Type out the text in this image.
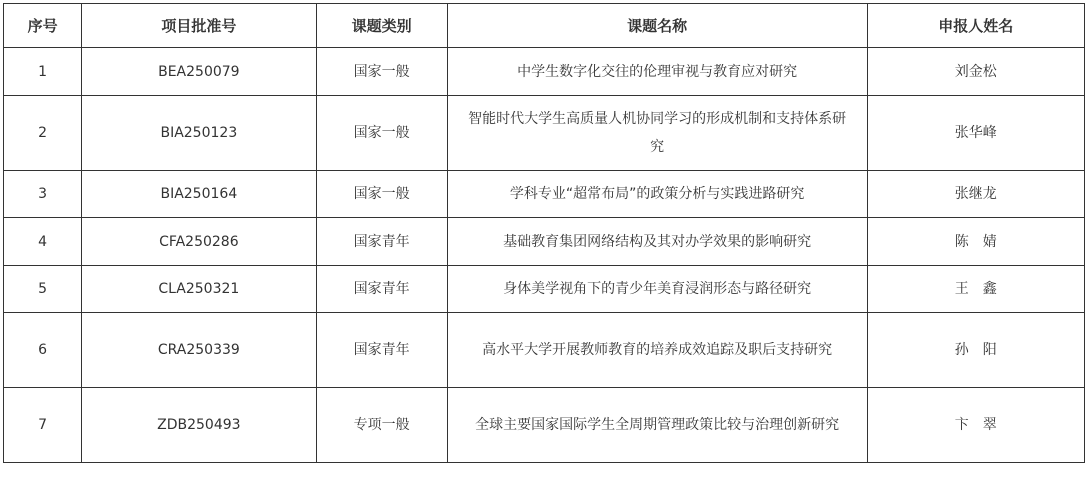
序号	项目批准号	课题类别	课题名称	申报人姓名
1	BEA250079	国家一般	中学生数字化交往的伦理审视与教育应对研究	刘金松
2	BIA250123	国家一般	智能时代大学生高质量人机协同学习的形成机制和支持体系研究	张华峰
3	BIA250164	国家一般	学科专业“超常布局”的政策分析与实践进路研究	张继龙
4	CFA250286	国家青年	基础教育集团网络结构及其对办学效果的影响研究	陈　婧
5	CLA250321	国家青年	身体美学视角下的青少年美育浸润形态与路径研究	王　鑫
6	CRA250339	国家青年	高水平大学开展教师教育的培养成效追踪及职后支持研究	孙　阳
7	ZDB250493	专项一般	全球主要国家国际学生全周期管理政策比较与治理创新研究	卞　翠
